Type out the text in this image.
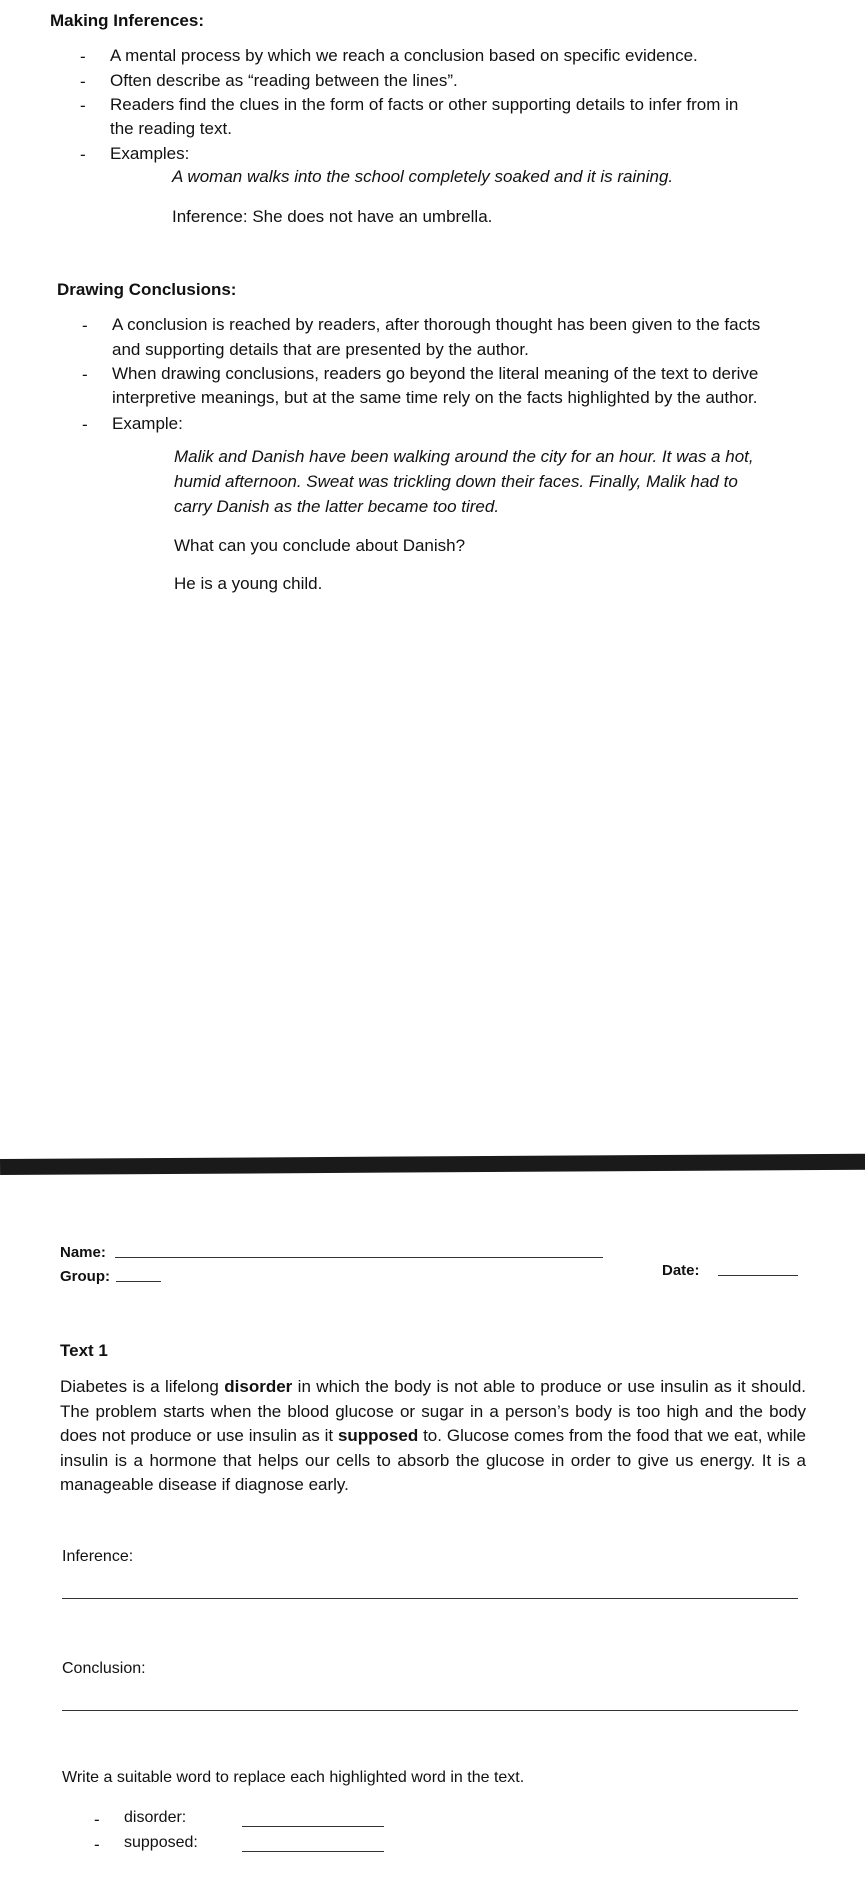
Making Inferences:
- A mental process by which we reach a conclusion based on specific evidence.
- Often describe as “reading between the lines”.
- Readers find the clues in the form of facts or other supporting details to infer from in
the reading text.
- Examples:
A woman walks into the school completely soaked and it is raining.
Inference: She does not have an umbrella.
Drawing Conclusions:
- A conclusion is reached by readers, after thorough thought has been given to the facts
and supporting details that are presented by the author.
- When drawing conclusions, readers go beyond the literal meaning of the text to derive
interpretive meanings, but at the same time rely on the facts highlighted by the author.
- Example:
Malik and Danish have been walking around the city for an hour. It was a hot,
humid afternoon. Sweat was trickling down their faces. Finally, Malik had to
carry Danish as the latter became too tired.
What can you conclude about Danish?
He is a young child.
Name:
Group:	Date:
Text 1

Diabetes is a lifelong disorder in which the body is not able to produce or use insulin as it should. The problem starts when the blood glucose or sugar in a person’s body is too high and the body does not produce or use insulin as it supposed to. Glucose comes from the food that we eat, while insulin is a hormone that helps our cells to absorb the glucose in order to give us energy. It is a manageable disease if diagnose early.

Inference:
Conclusion:
Write a suitable word to replace each highlighted word in the text.
- disorder:
- supposed:
